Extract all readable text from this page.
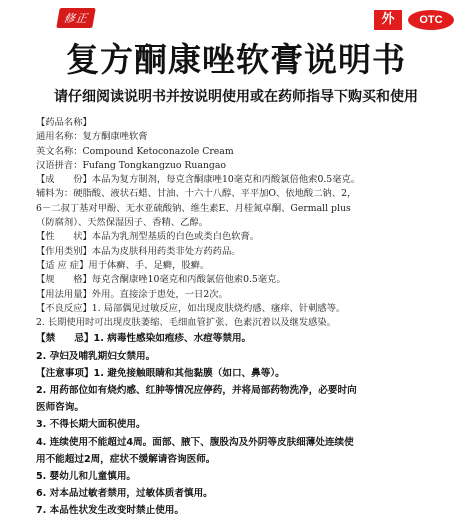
修正	外	OTC
复方酮康唑软膏说明书
请仔细阅读说明书并按说明使用或在药师指导下购买和使用
【药品名称】
通用名称：复方酮康唑软膏
英文名称：Compound Ketoconazole Cream
汉语拼音：Fufang Tongkangzuo Ruangao
【成　　份】本品为复方制剂，每克含酮康唑10毫克和丙酸氯倍他索0.5毫克。
辅料为：硬脂酸、液状石蜡、甘油、十六十八醇、平平加O、依地酸二钠、2，
6－二叔丁基对甲酚、无水亚硫酸钠、维生素E、月桂氮卓酮、Germall plus
（防腐剂）、天然保湿因子、香精、乙醇。
【性　　状】本品为乳剂型基质的白色或类白色软膏。
【作用类别】本品为皮肤科用药类非处方药药品。
【适 应 症】用于体癣、手、足癣，股癣。
【规　　格】每克含酮康唑10毫克和丙酸氯倍他索0.5毫克。
【用法用量】外用。直接涂于患处，一日2次。
【不良反应】1. 局部偶见过敏反应，如出现皮肤烧灼感、瘙痒、针刺感等。
2. 长期使用时可出现皮肤萎缩、毛细血管扩张、色素沉着以及继发感染。
【禁　　忌】1. 病毒性感染如疱疹、水痘等禁用。
2. 孕妇及哺乳期妇女禁用。
【注意事项】1. 避免接触眼睛和其他黏膜（如口、鼻等）。
2. 用药部位如有烧灼感、红肿等情况应停药，并将局部药物洗净，必要时向
医师咨询。
3. 不得长期大面积使用。
4. 连续使用不能超过4周。面部、腋下、腹股沟及外阴等皮肤细薄处连续使
用不能超过2周，症状不缓解请咨询医师。
5. 婴幼儿和儿童慎用。
6. 对本品过敏者禁用，过敏体质者慎用。
7. 本品性状发生改变时禁止使用。
